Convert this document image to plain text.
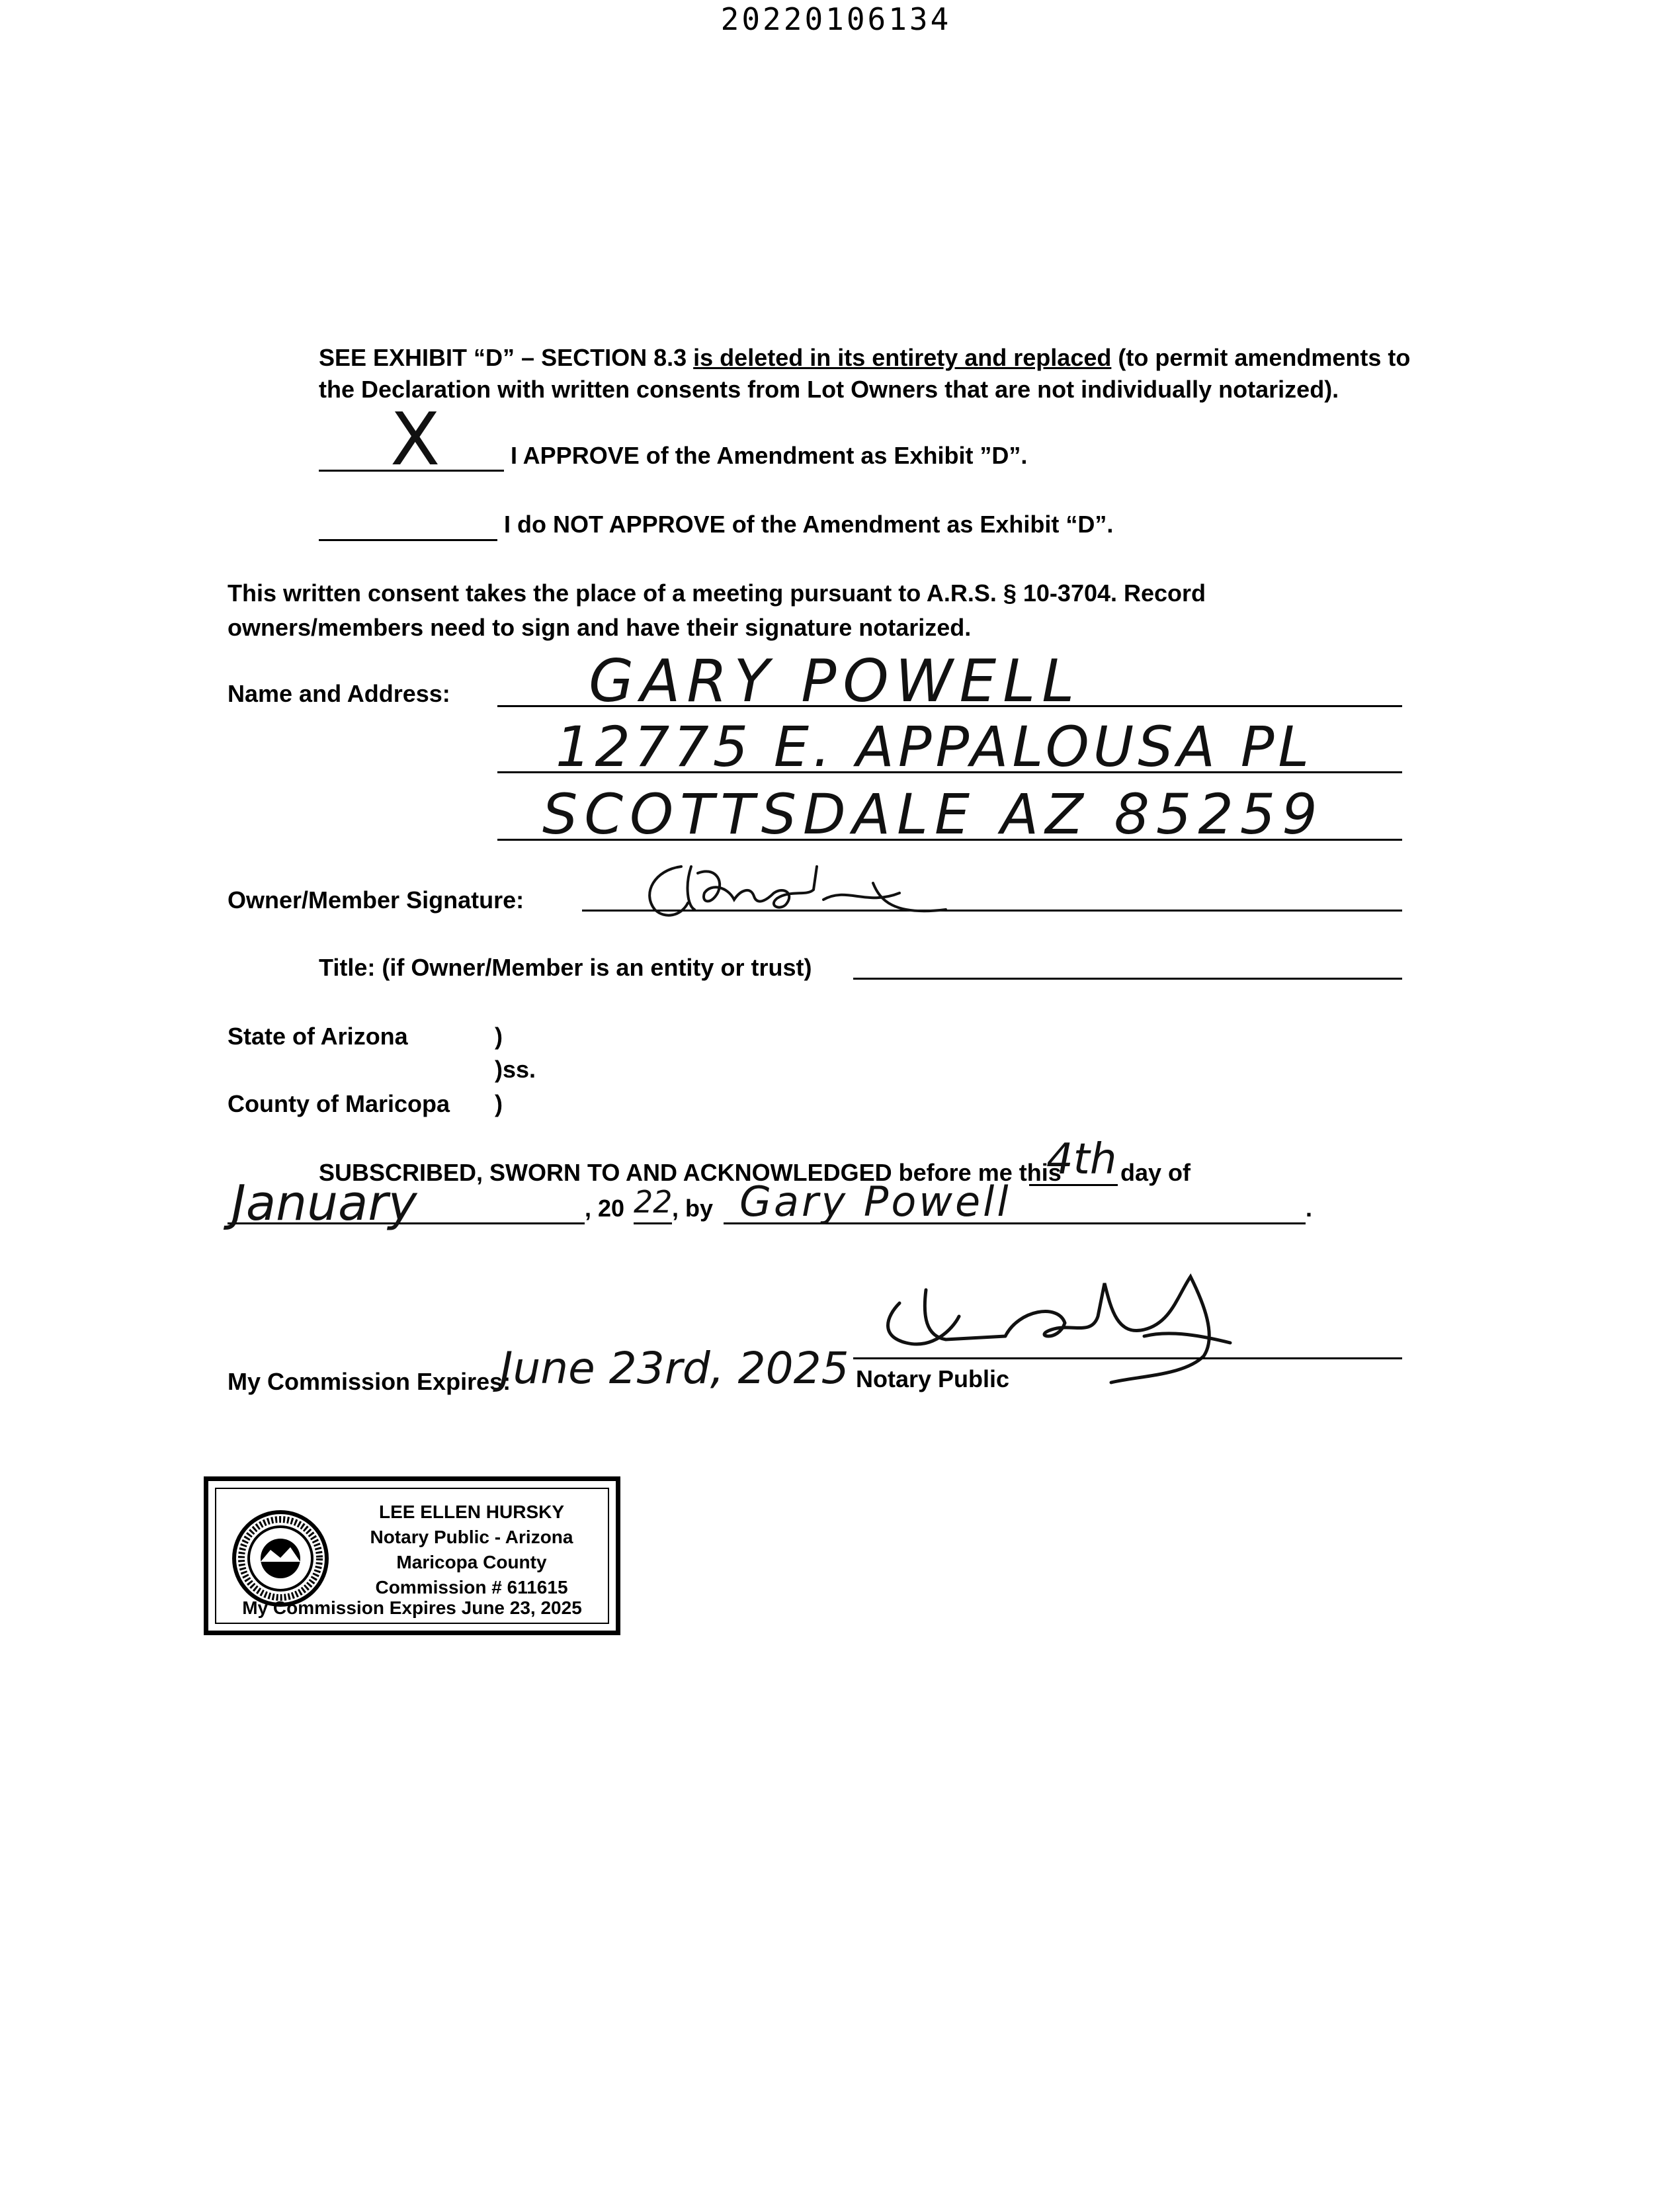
20220106134
SEE EXHIBIT “D” – SECTION 8.3 is deleted in its entirety and replaced (to permit amendments to
the Declaration with written consents from Lot Owners that are not individually notarized).
X	I APPROVE of the Amendment as Exhibit ”D”.
I do NOT APPROVE of the Amendment as Exhibit “D”.
This written consent takes the place of a meeting pursuant to A.R.S. § 10-3704. Record
owners/members need to sign and have their signature notarized.
Name and Address: GARY POWELL
12775 E. APPALOUSA PL
SCOTTSDALE AZ 85259
Owner/Member Signature:
Title: (if Owner/Member is an entity or trust)
State of Arizona	)
)ss.
County of Maricopa )
SUBSCRIBED, SWORN TO AND ACKNOWLEDGED before me this
4th day of
January	, 20 22 , by Gary Powell	.
My Commission Expires:
June 23rd, 2025 Notary Public
LEE ELLEN HURSKY
Notary Public - Arizona
Maricopa County
Commission # 611615
My Commission Expires June 23, 2025
